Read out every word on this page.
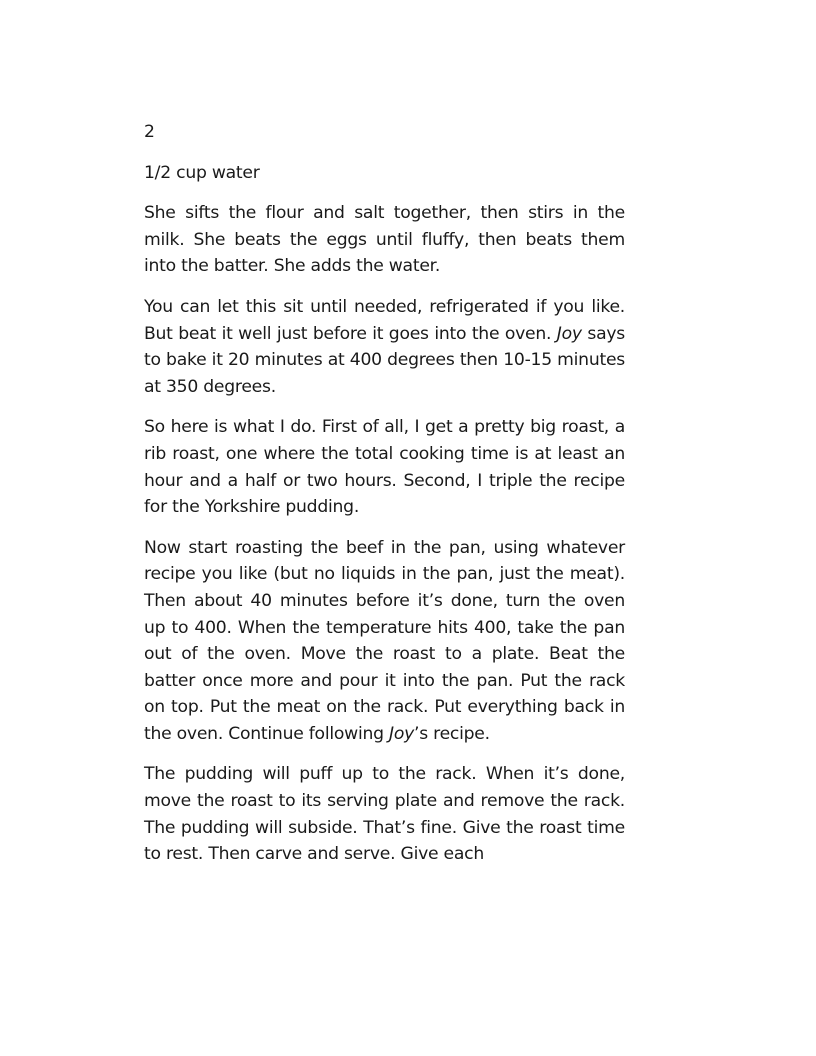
2

1/2 cup water

She sifts the flour and salt together, then stirs in the milk. She beats the eggs until fluffy, then beats them into the batter. She adds the water.

You can let this sit until needed, refrigerated if you like. But beat it well just before it goes into the oven. Joy says to bake it 20 minutes at 400 degrees then 10-15 minutes at 350 degrees.

So here is what I do. First of all, I get a pretty big roast, a rib roast, one where the total cooking time is at least an hour and a half or two hours. Second, I triple the recipe for the Yorkshire pudding.

Now start roasting the beef in the pan, using whatever recipe you like (but no liquids in the pan, just the meat). Then about 40 minutes before it’s done, turn the oven up to 400. When the temperature hits 400, take the pan out of the oven. Move the roast to a plate. Beat the batter once more and pour it into the pan. Put the rack on top. Put the meat on the rack. Put everything back in the oven. Continue following Joy’s recipe.

The pudding will puff up to the rack. When it’s done, move the roast to its serving plate and remove the rack. The pudding will subside. That’s fine. Give the roast time to rest. Then carve and serve. Give each
